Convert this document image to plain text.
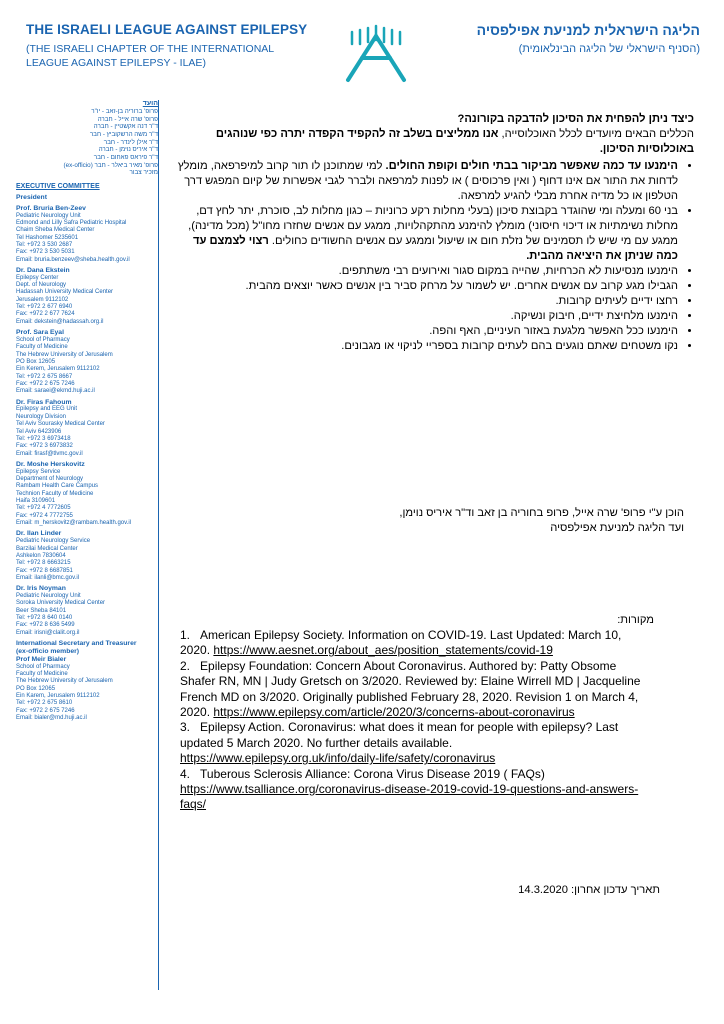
THE ISRAELI LEAGUE AGAINST EPILEPSY
(THE ISRAELI CHAPTER OF THE INTERNATIONAL
LEAGUE AGAINST EPILEPSY - ILAE)
הליגה הישראלית למניעת אפילפסיה
(הסניף הישראלי של הליגה הבינלאומית)
הועד
פרופ' ברוריה בן-זאב - יו"ר
פרופ' שרה אייל - חברה
ד"ר דנה אקשטיין - חברה
ד"ר משה הרשקוביץ - חבר
ד"ר אילן לינדר - חבר
ד"ר איריס נוימן - חברה
ד"ר פיראס פאחום - חבר
פרופ' מאיר ביאלר - חבר (ex-officio)
מזכיר צבור
EXECUTIVE COMMITTEE
President
Prof. Bruria Ben-Zeev
Pediatric Neurology Unit
Edmond and Lilly Safra Pediatric Hospital
Chaim Sheba Medical Center
Tel Hashomer 5235601
Tel: +972 3 530 2687
Fax: +972 3 530 5031
Email: bruria.benzeev@sheba.health.gov.il
Dr. Dana Ekstein
Epilepsy Center
Dept. of Neurology
Hadassah University Medical Center
Jerusalem 9112102
Tel: +972 2 677 6940
Fax: +972 2 677 7624
Email: dekstein@hadassah.org.il
Prof. Sara Eyal
School of Pharmacy
Faculty of Medicine
The Hebrew University of Jerusalem
PO Box 12605
Ein Kerem, Jerusalem 9112102
Tel: +972 2 675 8667
Fax: +972 2 675 7246
Email: saraei@ekmd.huji.ac.il
Dr. Firas Fahoum
Epilepsy and EEG Unit
Neurology Division
Tel Aviv Sourasky Medical Center
Tel Aviv 6423906
Tel: +972 3 6973418
Fax: +972 3 6973832
Email: firasf@tlvmc.gov.il
Dr. Moshe Herskovitz
Epilepsy Service
Department of Neurology
Rambam Health Care Campus
Technion Faculty of Medicine
Haifa 3109601
Tel: +972 4 7772605
Fax: +972 4 7772755
Email: m_herskovitz@rambam.health.gov.il
Dr. Ilan Linder
Pediatric Neurology Service
Barzilai Medical Center
Ashkelon 7830604
Tel: +972 8 6663215
Fax: +972 8 6687851
Email: ilanli@bmc.gov.il
Dr. Iris Noyman
Pediatric Neurology Unit
Soroka University Medical Center
Beer Sheba 84101
Tel: +972 8 640 0140
Fax: +972 8 636 5499
Email: irisni@clalit.org.il
International Secretary and Treasurer
(ex-officio member)
Prof Meir Bialer
School of Pharmacy
Faculty of Medicine
The Hebrew University of Jerusalem
PO Box 12065
Ein Karem, Jerusalem 9112102
Tel: +972 2 675 8610
Fax: +972 2 675 7246
Email: bialer@md.huji.ac.il
כיצד ניתן להפחית את הסיכון להדבקה בקורונה?
הכללים הבאים מיועדים לכלל האוכלוסייה, אנו ממליצים בשלב זה להקפיד הקפדה יתרה כפי שנוהגים באוכלוסיות הסיכון.
• הימנעו עד כמה שאפשר מביקור בבתי חולים וקופת החולים. למי שמתוכנן לו תור קרוב למיפרפאה, מומלץ לדחות את התור אם אינו דחוף ( ואין פרכוסים ) או לפנות למרפאה ולברר לגבי אפשרות של קיום המפגש דרך הטלפון או כל מדיה אחרת מבלי להגיע למרפאה.
• בני 60 ומעלה ומי שהוגדר בקבוצת סיכון (בעלי מחלות רקע כרוניות – כגון מחלות לב, סוכרת, יתר לחץ דם, מחלות נשימתיות או דיכוי חיסוני) מומלץ להימנע מהתקהלויות, ממגע עם אנשים שחזרו מחו"ל (מכל מדינה), ממגע עם מי שיש לו תסמינים של נזלת חום או שיעול וממגע עם אנשים החשודים כחולים. רצוי לצמצם עד כמה שניתן את היציאה מהבית.
• הימנעו מנסיעות לא הכרחיות, שהייה במקום סגור ואירועים רבי משתתפים.
• הגבילו מגע קרוב עם אנשים אחרים. יש לשמור על מרחק סביר בין אנשים כאשר יוצאים מהבית.
• רחצו ידיים לעיתים קרובות.
• הימנעו מלחיצת ידיים, חיבוק ונשיקה.
• הימנעו ככל האפשר מלגעת באזור העיניים, האף והפה.
• נקו משטחים שאתם נוגעים בהם לעתים קרובות בספריי לניקוי או מגבונים.
הוכן ע"י פרופ' שרה אייל, פרופ בחוריה בן זאב וד"ר איריס נוימן,
ועד הליגה למניעת אפילפסיה
מקורות:

1. American Epilepsy Society. Information on COVID-19. Last Updated: March 10, 2020. https://www.aesnet.org/about_aes/position_statements/covid-19

2. Epilepsy Foundation: Concern About Coronavirus. Authored by: Patty Obsome Shafer RN, MN | Judy Gretsch on 3/2020. Reviewed by: Elaine Wirrell MD | Jacqueline French MD on 3/2020. Originally published February 28, 2020. Revision 1 on March 4, 2020. https://www.epilepsy.com/article/2020/3/concerns-about-coronavirus

3. Epilepsy Action. Coronavirus: what does it mean for people with epilepsy? Last updated 5 March 2020. No further details available. https://www.epilepsy.org.uk/info/daily-life/safety/coronavirus

4. Tuberous Sclerosis Alliance: Corona Virus Disease 2019 ( FAQs) https://www.tsalliance.org/coronavirus-disease-2019-covid-19-questions-and-answers-faqs/

תאריך עדכון אחרון: 14.3.2020
